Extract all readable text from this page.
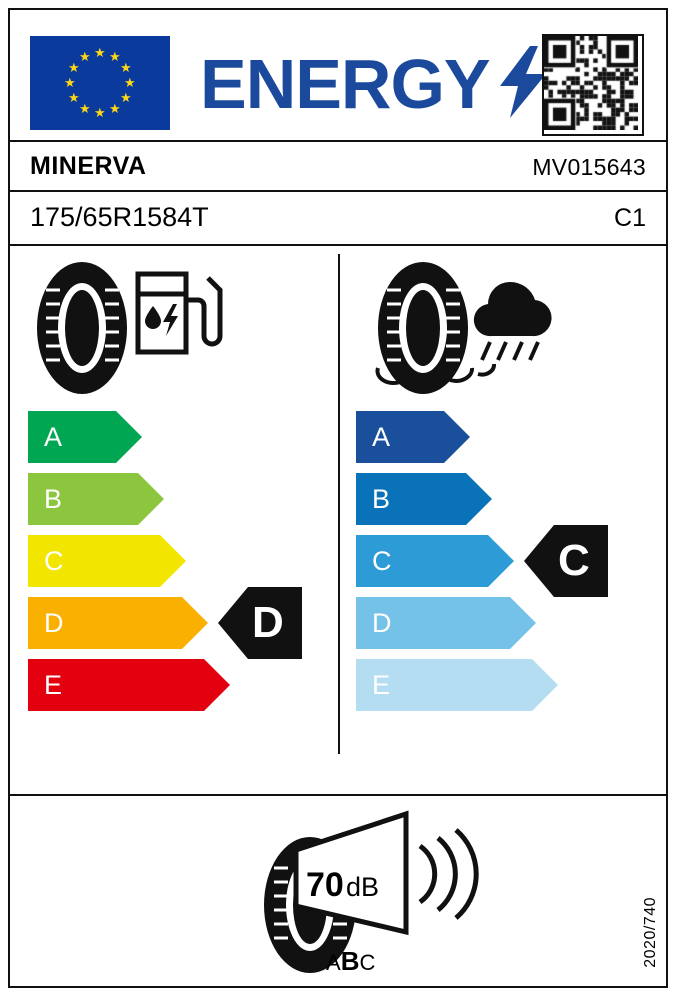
★ ★
★
★
★
★
★
★
★
★
★
★ ENERGY
MINERVA	MV015643
175/65R1584T	C1
A
B
C
D
E
D
A
B
C
D
E
C
70 dB
ABC	2020/740
